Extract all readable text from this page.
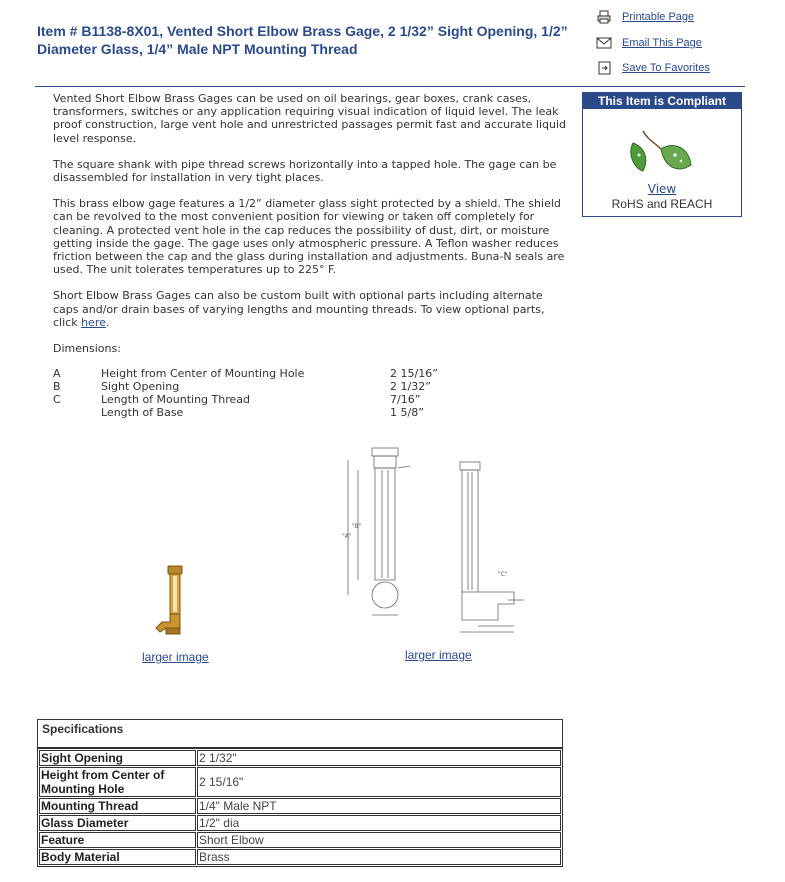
Item # B1138-8X01, Vented Short Elbow Brass Gage, 2 1/32” Sight Opening, 1/2” Diameter Glass, 1/4” Male NPT Mounting Thread
Printable Page
Email This Page
Save To Favorites

Vented Short Elbow Brass Gages can be used on oil bearings, gear boxes, crank cases, transformers, switches or any application requiring visual indication of liquid level. The leak proof construction, large vent hole and unrestricted passages permit fast and accurate liquid level response.

The square shank with pipe thread screws horizontally into a tapped hole. The gage can be disassembled for installation in very tight places.

This brass elbow gage features a 1/2” diameter glass sight protected by a shield. The shield can be revolved to the most convenient position for viewing or taken off completely for cleaning. A protected vent hole in the cap reduces the possibility of dust, dirt, or moisture getting inside the gage. The gage uses only atmospheric pressure. A Teflon washer reduces friction between the cap and the glass during installation and adjustments. Buna-N seals are used. The unit tolerates temperatures up to 225° F.

Short Elbow Brass Gages can also be custom built with optional parts including alternate caps and/or drain bases of varying lengths and mounting threads. To view optional parts, click here.

Dimensions:

A	Height from Center of Mounting Hole	2 15/16”
B	Sight Opening	2 1/32”
C	Length of Mounting Thread	7/16”
Length of Base	1 5/8”
This Item is Compliant
View
RoHS and REACH
"A"
"B"
"C"
larger image	larger image
Specifications
Sight Opening	2 1/32"
Height from Center of Mounting Hole	2 15/16"
Mounting Thread	1/4" Male NPT
Glass Diameter	1/2" dia
Feature	Short Elbow
Body Material	Brass
